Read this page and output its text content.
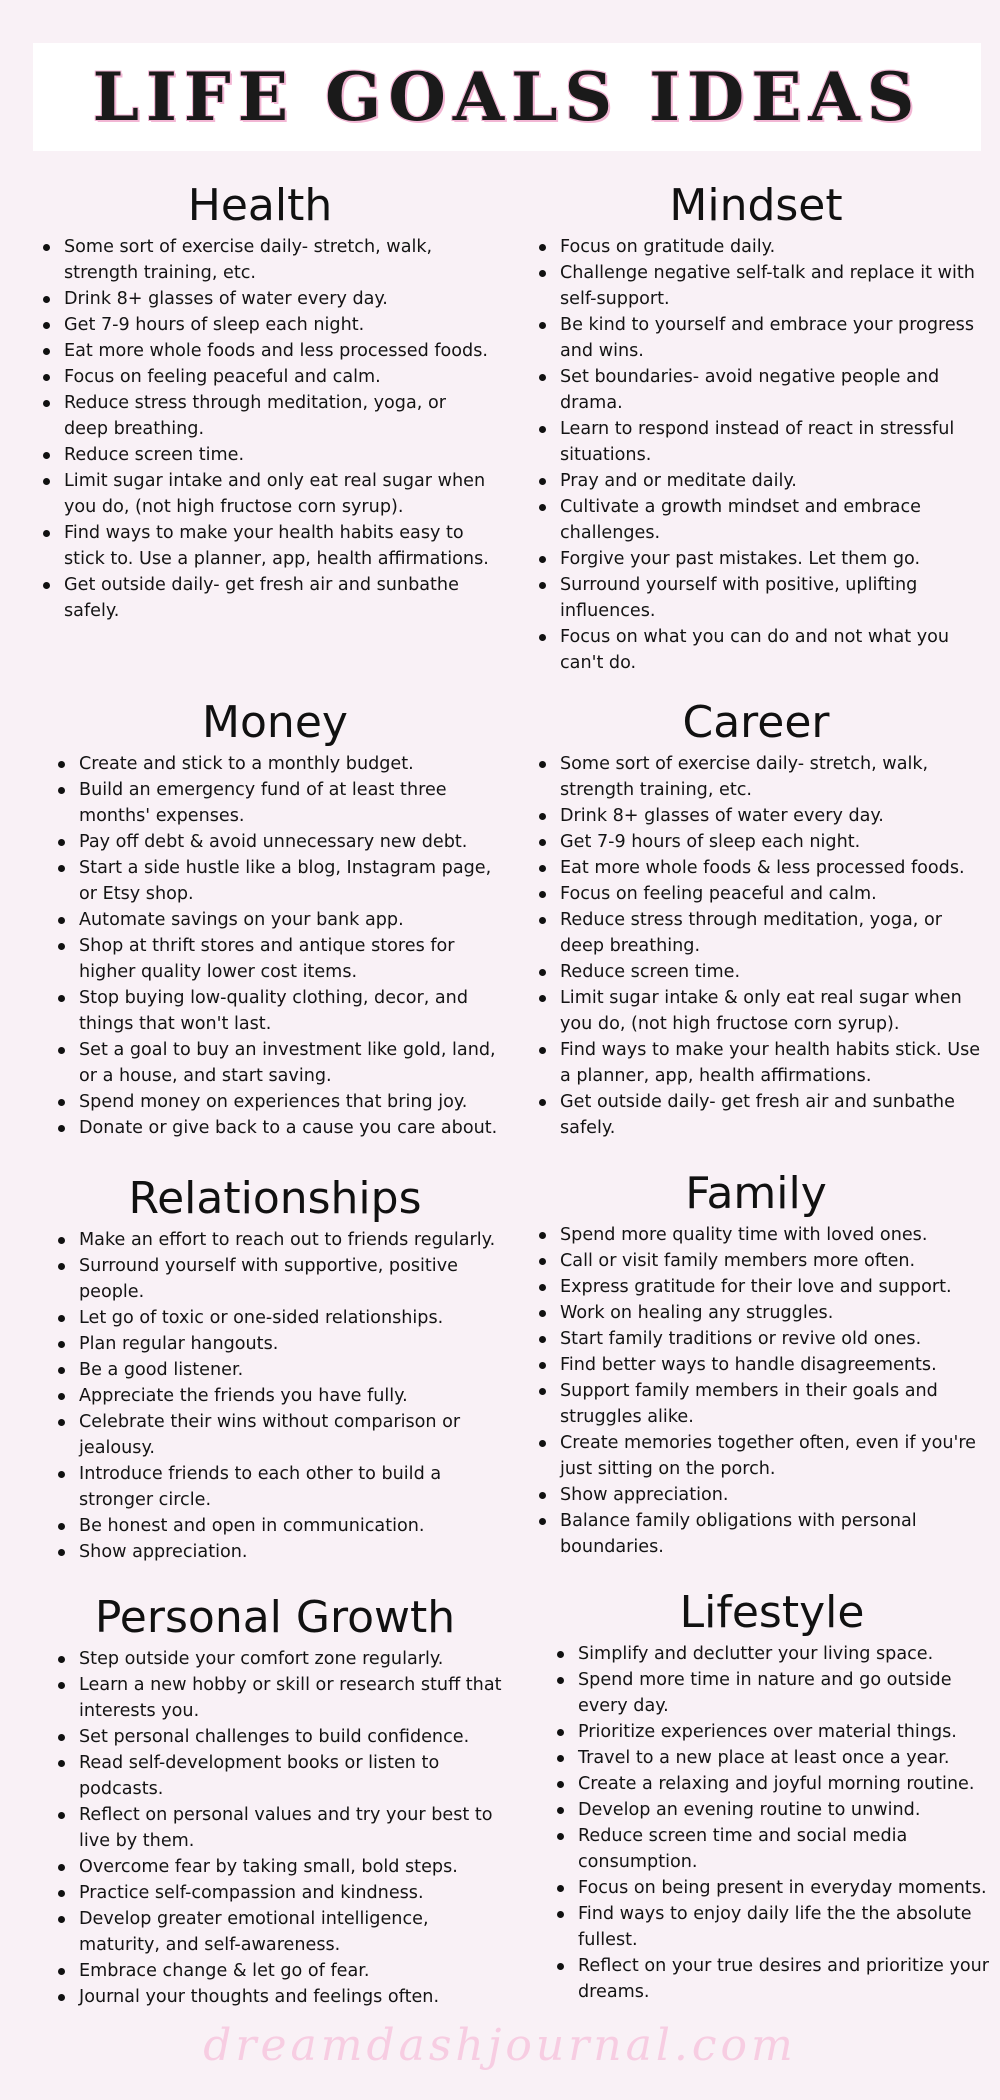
LIFE GOALS IDEAS
Health
Some sort of exercise daily- stretch, walk, strength training, etc.
Drink 8+ glasses of water every day.
Get 7-9 hours of sleep each night.
Eat more whole foods and less processed foods.
Focus on feeling peaceful and calm.
Reduce stress through meditation, yoga, or deep breathing.
Reduce screen time.
Limit sugar intake and only eat real sugar when you do, (not high fructose corn syrup).
Find ways to make your health habits easy to stick to. Use a planner, app, health affirmations.
Get outside daily- get fresh air and sunbathe safely.
Mindset
Focus on gratitude daily.
Challenge negative self-talk and replace it with self-support.
Be kind to yourself and embrace your progress and wins.
Set boundaries- avoid negative people and drama.
Learn to respond instead of react in stressful situations.
Pray and or meditate daily.
Cultivate a growth mindset and embrace challenges.
Forgive your past mistakes. Let them go.
Surround yourself with positive, uplifting influences.
Focus on what you can do and not what you can't do.
Money
Create and stick to a monthly budget.
Build an emergency fund of at least three months' expenses.
Pay off debt & avoid unnecessary new debt.
Start a side hustle like a blog, Instagram page, or Etsy shop.
Automate savings on your bank app.
Shop at thrift stores and antique stores for higher quality lower cost items.
Stop buying low-quality clothing, decor, and things that won't last.
Set a goal to buy an investment like gold, land, or a house, and start saving.
Spend money on experiences that bring joy.
Donate or give back to a cause you care about.
Career
Some sort of exercise daily- stretch, walk, strength training, etc.
Drink 8+ glasses of water every day.
Get 7-9 hours of sleep each night.
Eat more whole foods & less processed foods.
Focus on feeling peaceful and calm.
Reduce stress through meditation, yoga, or deep breathing.
Reduce screen time.
Limit sugar intake & only eat real sugar when you do, (not high fructose corn syrup).
Find ways to make your health habits stick. Use a planner, app, health affirmations.
Get outside daily- get fresh air and sunbathe safely.
Relationships
Make an effort to reach out to friends regularly.
Surround yourself with supportive, positive people.
Let go of toxic or one-sided relationships.
Plan regular hangouts.
Be a good listener.
Appreciate the friends you have fully.
Celebrate their wins without comparison or jealousy.
Introduce friends to each other to build a stronger circle.
Be honest and open in communication.
Show appreciation.
Family
Spend more quality time with loved ones.
Call or visit family members more often.
Express gratitude for their love and support.
Work on healing any struggles.
Start family traditions or revive old ones.
Find better ways to handle disagreements.
Support family members in their goals and struggles alike.
Create memories together often, even if you're just sitting on the porch.
Show appreciation.
Balance family obligations with personal boundaries.
Personal Growth
Step outside your comfort zone regularly.
Learn a new hobby or skill or research stuff that interests you.
Set personal challenges to build confidence.
Read self-development books or listen to podcasts.
Reflect on personal values and try your best to live by them.
Overcome fear by taking small, bold steps.
Practice self-compassion and kindness.
Develop greater emotional intelligence, maturity, and self-awareness.
Embrace change & let go of fear.
Journal your thoughts and feelings often.
Lifestyle
Simplify and declutter your living space.
Spend more time in nature and go outside every day.
Prioritize experiences over material things.
Travel to a new place at least once a year.
Create a relaxing and joyful morning routine.
Develop an evening routine to unwind.
Reduce screen time and social media consumption.
Focus on being present in everyday moments.
Find ways to enjoy daily life the the absolute fullest.
Reflect on your true desires and prioritize your dreams.
dreamdashjournal.com
